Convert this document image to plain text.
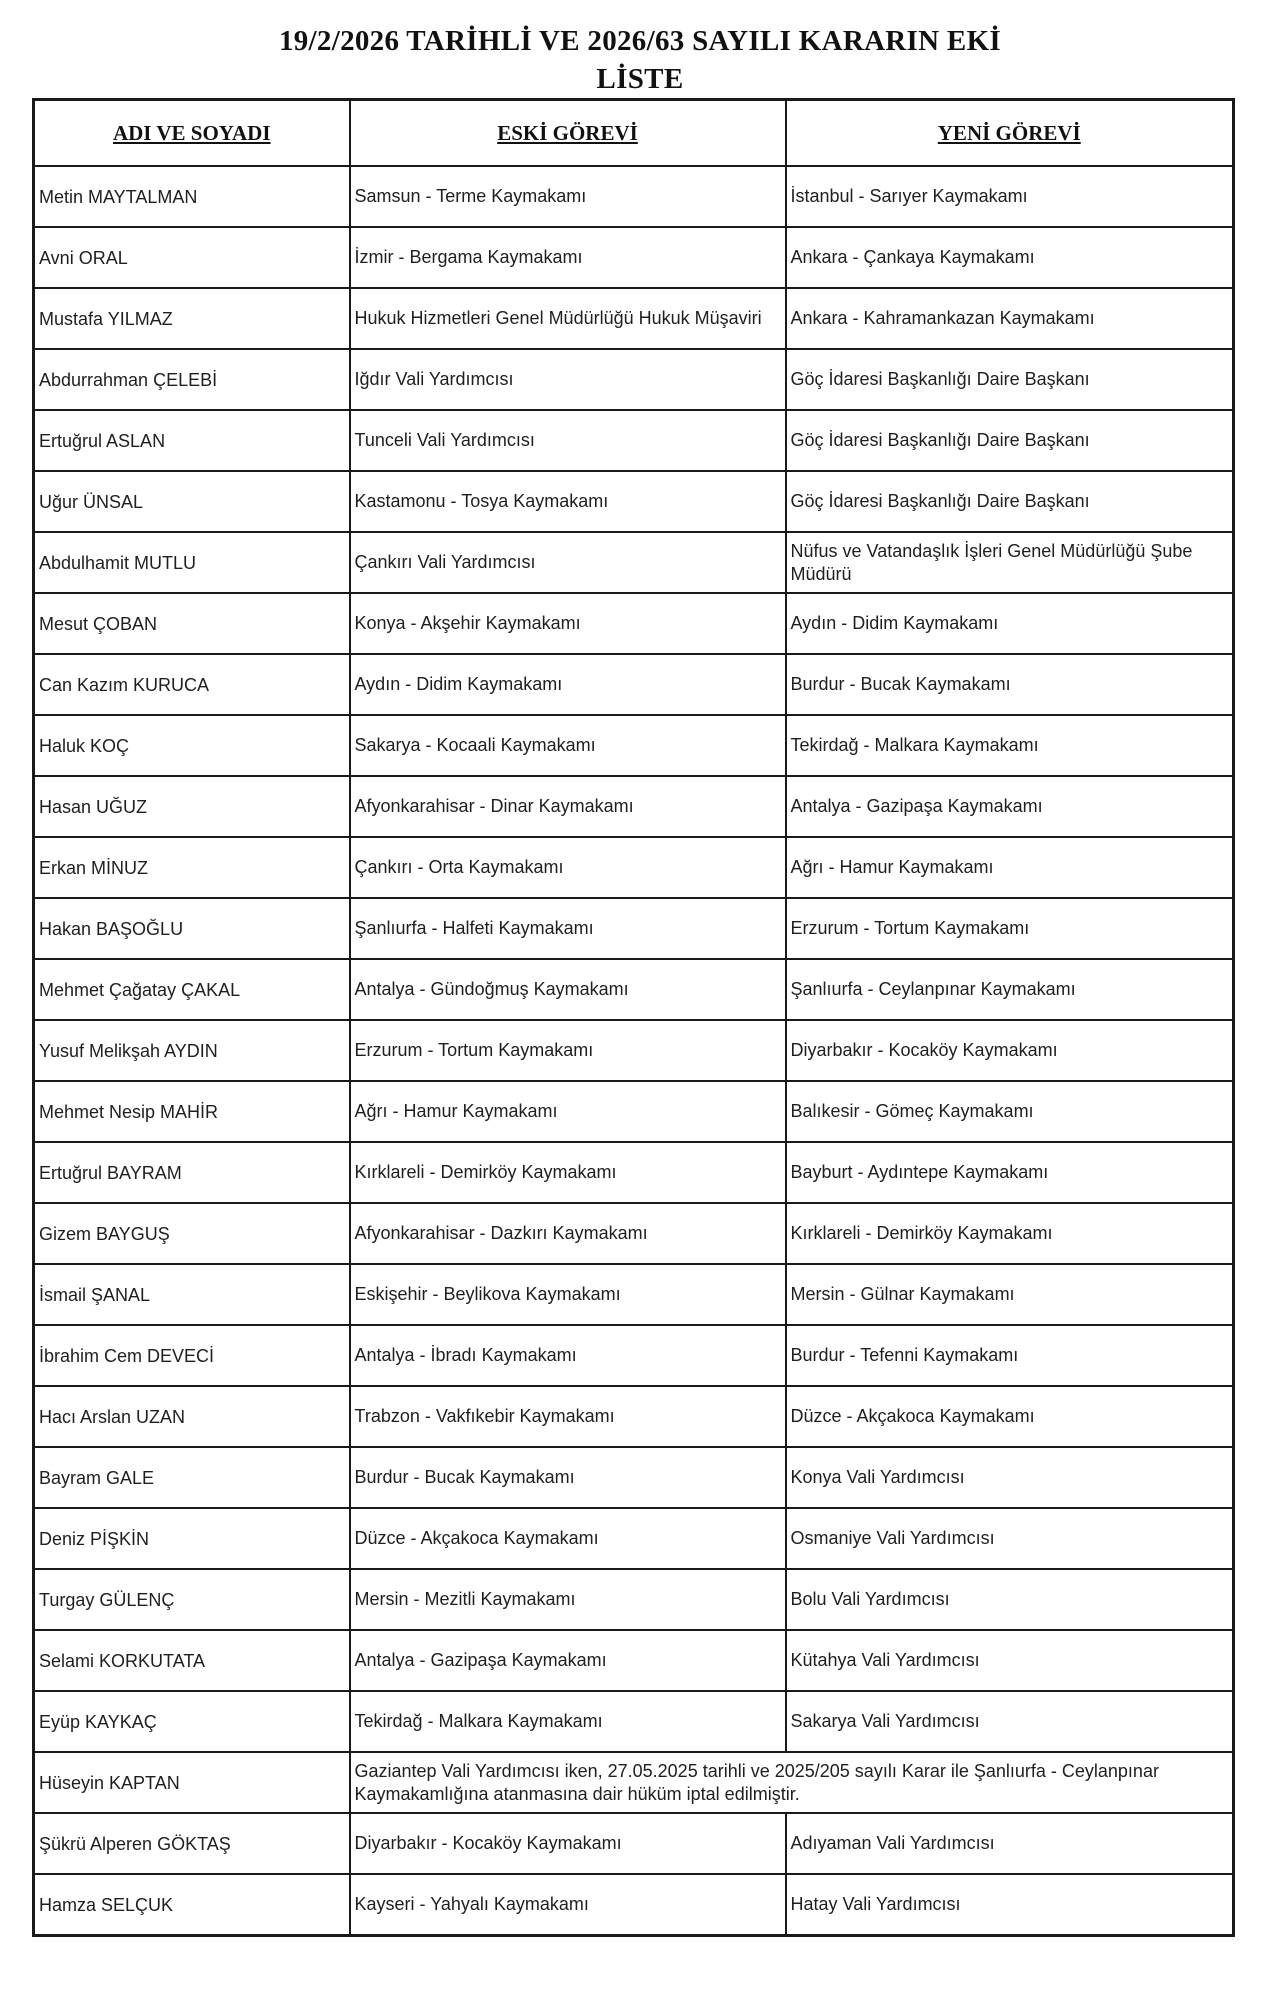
19/2/2026 TARİHLİ VE 2026/63 SAYILI KARARIN EKİ
LİSTE
ADI VE SOYADI	ESKİ GÖREVİ	YENİ GÖREVİ
Metin MAYTALMAN	Samsun - Terme Kaymakamı	İstanbul - Sarıyer Kaymakamı
Avni ORAL	İzmir - Bergama Kaymakamı	Ankara - Çankaya Kaymakamı
Mustafa YILMAZ	Hukuk Hizmetleri Genel Müdürlüğü Hukuk Müşaviri	Ankara - Kahramankazan Kaymakamı
Abdurrahman ÇELEBİ	Iğdır Vali Yardımcısı	Göç İdaresi Başkanlığı Daire Başkanı
Ertuğrul ASLAN	Tunceli Vali Yardımcısı	Göç İdaresi Başkanlığı Daire Başkanı
Uğur ÜNSAL	Kastamonu - Tosya Kaymakamı	Göç İdaresi Başkanlığı Daire Başkanı
Abdulhamit MUTLU	Çankırı Vali Yardımcısı	Nüfus ve Vatandaşlık İşleri Genel Müdürlüğü Şube Müdürü
Mesut ÇOBAN	Konya - Akşehir Kaymakamı	Aydın - Didim Kaymakamı
Can Kazım KURUCA	Aydın - Didim Kaymakamı	Burdur - Bucak Kaymakamı
Haluk KOÇ	Sakarya - Kocaali Kaymakamı	Tekirdağ - Malkara Kaymakamı
Hasan UĞUZ	Afyonkarahisar - Dinar Kaymakamı	Antalya - Gazipaşa Kaymakamı
Erkan MİNUZ	Çankırı - Orta Kaymakamı	Ağrı - Hamur Kaymakamı
Hakan BAŞOĞLU	Şanlıurfa - Halfeti Kaymakamı	Erzurum - Tortum Kaymakamı
Mehmet Çağatay ÇAKAL	Antalya - Gündoğmuş Kaymakamı	Şanlıurfa - Ceylanpınar Kaymakamı
Yusuf Melikşah AYDIN	Erzurum - Tortum Kaymakamı	Diyarbakır - Kocaköy Kaymakamı
Mehmet Nesip MAHİR	Ağrı - Hamur Kaymakamı	Balıkesir - Gömeç Kaymakamı
Ertuğrul BAYRAM	Kırklareli - Demirköy Kaymakamı	Bayburt - Aydıntepe Kaymakamı
Gizem BAYGUŞ	Afyonkarahisar - Dazkırı Kaymakamı	Kırklareli - Demirköy Kaymakamı
İsmail ŞANAL	Eskişehir - Beylikova Kaymakamı	Mersin - Gülnar Kaymakamı
İbrahim Cem DEVECİ	Antalya - İbradı Kaymakamı	Burdur - Tefenni Kaymakamı
Hacı Arslan UZAN	Trabzon - Vakfıkebir Kaymakamı	Düzce - Akçakoca Kaymakamı
Bayram GALE	Burdur - Bucak Kaymakamı	Konya Vali Yardımcısı
Deniz PİŞKİN	Düzce - Akçakoca Kaymakamı	Osmaniye Vali Yardımcısı
Turgay GÜLENÇ	Mersin - Mezitli Kaymakamı	Bolu Vali Yardımcısı
Selami KORKUTATA	Antalya - Gazipaşa Kaymakamı	Kütahya Vali Yardımcısı
Eyüp KAYKAÇ	Tekirdağ - Malkara Kaymakamı	Sakarya Vali Yardımcısı
Hüseyin KAPTAN	Gaziantep Vali Yardımcısı iken, 27.05.2025 tarihli ve 2025/205 sayılı Karar ile Şanlıurfa - Ceylanpınar Kaymakamlığına atanmasına dair hüküm iptal edilmiştir.	
Şükrü Alperen GÖKTAŞ	Diyarbakır - Kocaköy Kaymakamı	Adıyaman Vali Yardımcısı
Hamza SELÇUK	Kayseri - Yahyalı Kaymakamı	Hatay Vali Yardımcısı
